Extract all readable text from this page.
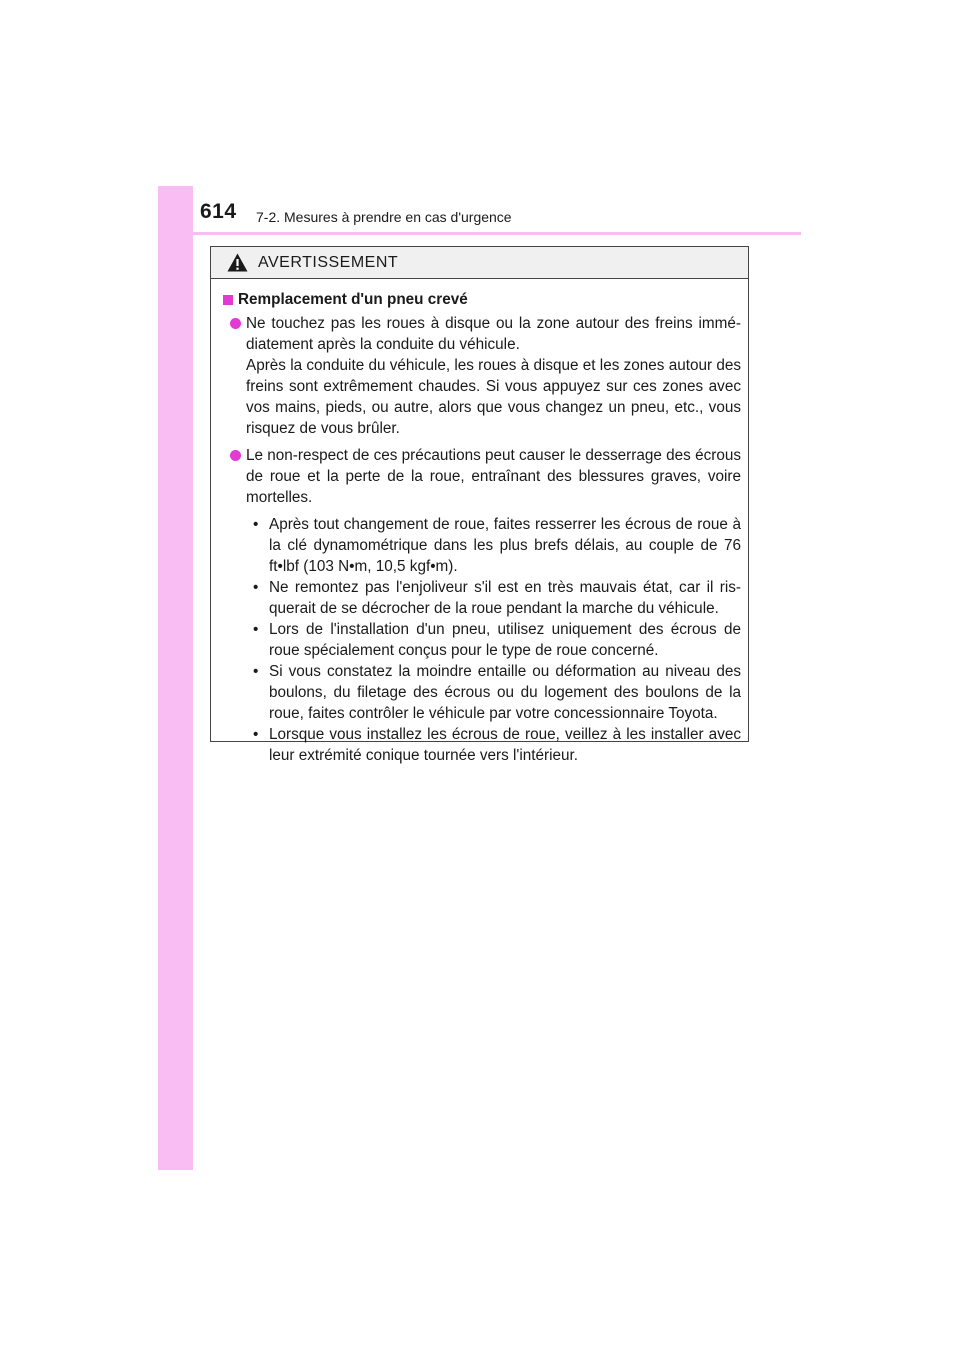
614 7-2. Mesures à prendre en cas d'urgence
AVERTISSEMENT
Remplacement d'un pneu crevé

Ne touchez pas les roues à disque ou la zone autour des freins immé-diatement après la conduite du véhicule.

Après la conduite du véhicule, les roues à disque et les zones autour des freins sont extrêmement chaudes. Si vous appuyez sur ces zones avec vos mains, pieds, ou autre, alors que vous changez un pneu, etc., vous risquez de vous brûler.

Le non-respect de ces précautions peut causer le desserrage des écrous de roue et la perte de la roue, entraînant des blessures graves, voire mortelles.

• Après tout changement de roue, faites resserrer les écrous de roue à la clé dynamométrique dans les plus brefs délais, au couple de 76 ft•lbf (103 N•m, 10,5 kgf•m).
• Ne remontez pas l'enjoliveur s'il est en très mauvais état, car il ris-querait de se décrocher de la roue pendant la marche du véhicule.
• Lors de l'installation d'un pneu, utilisez uniquement des écrous de roue spécialement conçus pour le type de roue concerné.
• Si vous constatez la moindre entaille ou déformation au niveau des boulons, du filetage des écrous ou du logement des boulons de la roue, faites contrôler le véhicule par votre concessionnaire Toyota.
• Lorsque vous installez les écrous de roue, veillez à les installer avec leur extrémité conique tournée vers l'intérieur.
